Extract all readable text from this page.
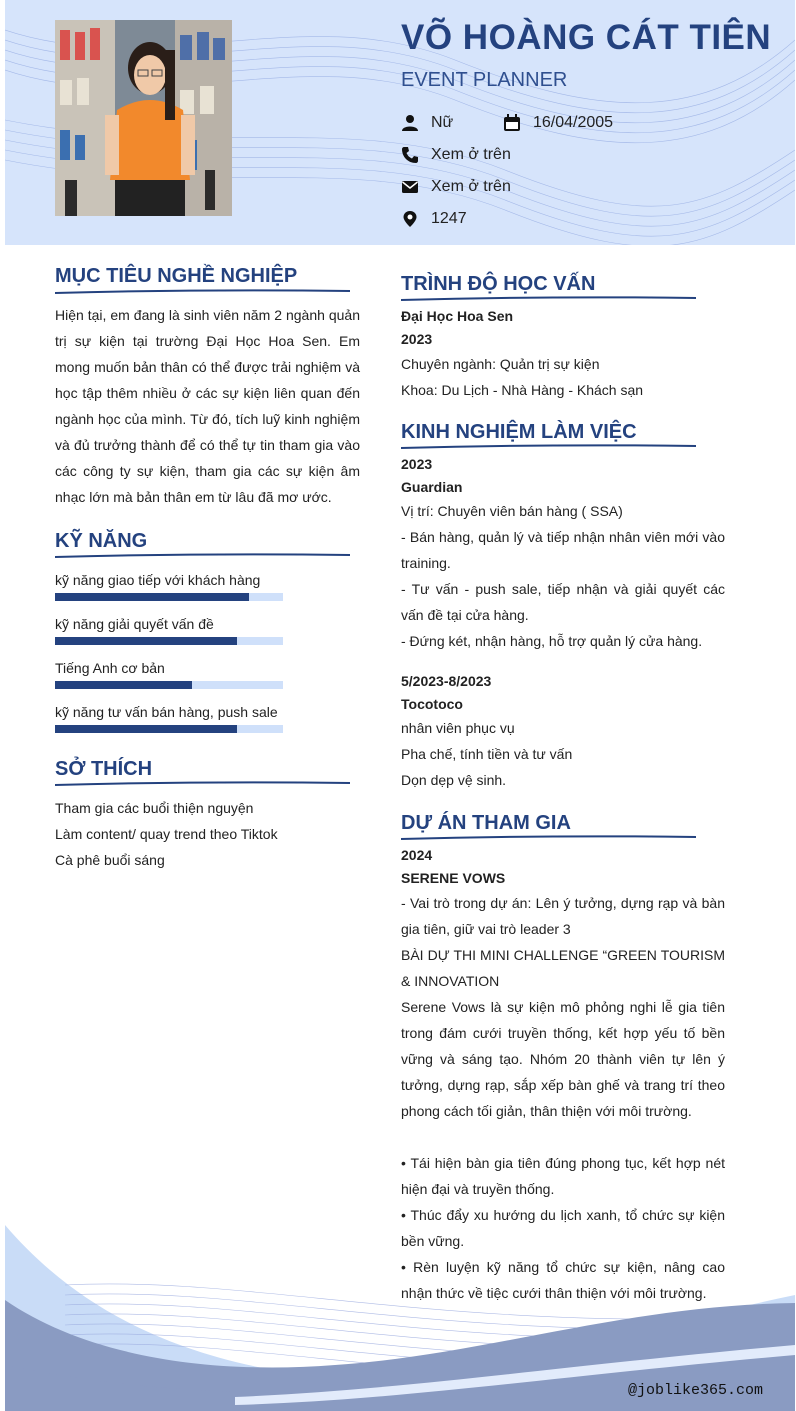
VÕ HOÀNG CÁT TIÊN
EVENT PLANNER
Nữ	16/04/2005
Xem ở trên
Xem ở trên
1247
MỤC TIÊU NGHỀ NGHIỆP
Hiện tại, em đang là sinh viên năm 2 ngành quản trị sự kiện tại trường Đại Học Hoa Sen. Em mong muốn bản thân có thể được trải nghiệm và học tập thêm nhiều ở các sự kiện liên quan đến ngành học của mình. Từ đó, tích luỹ kinh nghiệm và đủ trưởng thành để có thể tự tin tham gia vào các công ty sự kiện, tham gia các sự kiện âm nhạc lớn mà bản thân em từ lâu đã mơ ước.
KỸ NĂNG
kỹ năng giao tiếp với khách hàng
kỹ năng giải quyết vấn đề
Tiếng Anh cơ bản
kỹ năng tư vấn bán hàng, push sale
SỞ THÍCH
Tham gia các buổi thiện nguyện
Làm content/ quay trend theo Tiktok
Cà phê buổi sáng
TRÌNH ĐỘ HỌC VẤN
Đại Học Hoa Sen
2023
Chuyên ngành: Quản trị sự kiện
Khoa: Du Lịch - Nhà Hàng - Khách sạn
KINH NGHIỆM LÀM VIỆC
2023
Guardian
Vị trí: Chuyên viên bán hàng ( SSA)
- Bán hàng, quản lý và tiếp nhận nhân viên mới vào training.
- Tư vấn - push sale, tiếp nhận và giải quyết các vấn đề tại cửa hàng.
- Đứng két, nhận hàng, hỗ trợ quản lý cửa hàng.
5/2023-8/2023
Tocotoco
nhân viên phục vụ
Pha chế, tính tiền và tư vấn
Dọn dẹp vệ sinh.
DỰ ÁN THAM GIA
2024
SERENE VOWS
- Vai trò trong dự án: Lên ý tưởng, dựng rạp và bàn gia tiên, giữ vai trò leader 3
BÀI DỰ THI MINI CHALLENGE “GREEN TOURISM & INNOVATION
Serene Vows là sự kiện mô phỏng nghi lễ gia tiên trong đám cưới truyền thống, kết hợp yếu tố bền vững và sáng tạo. Nhóm 20 thành viên tự lên ý tưởng, dựng rạp, sắp xếp bàn ghế và trang trí theo phong cách tối giản, thân thiện với môi trường.

• Tái hiện bàn gia tiên đúng phong tục, kết hợp nét hiện đại và truyền thống.
• Thúc đẩy xu hướng du lịch xanh, tổ chức sự kiện bền vững.
• Rèn luyện kỹ năng tổ chức sự kiện, nâng cao nhận thức về tiệc cưới thân thiện với môi trường.
@joblike365.com
